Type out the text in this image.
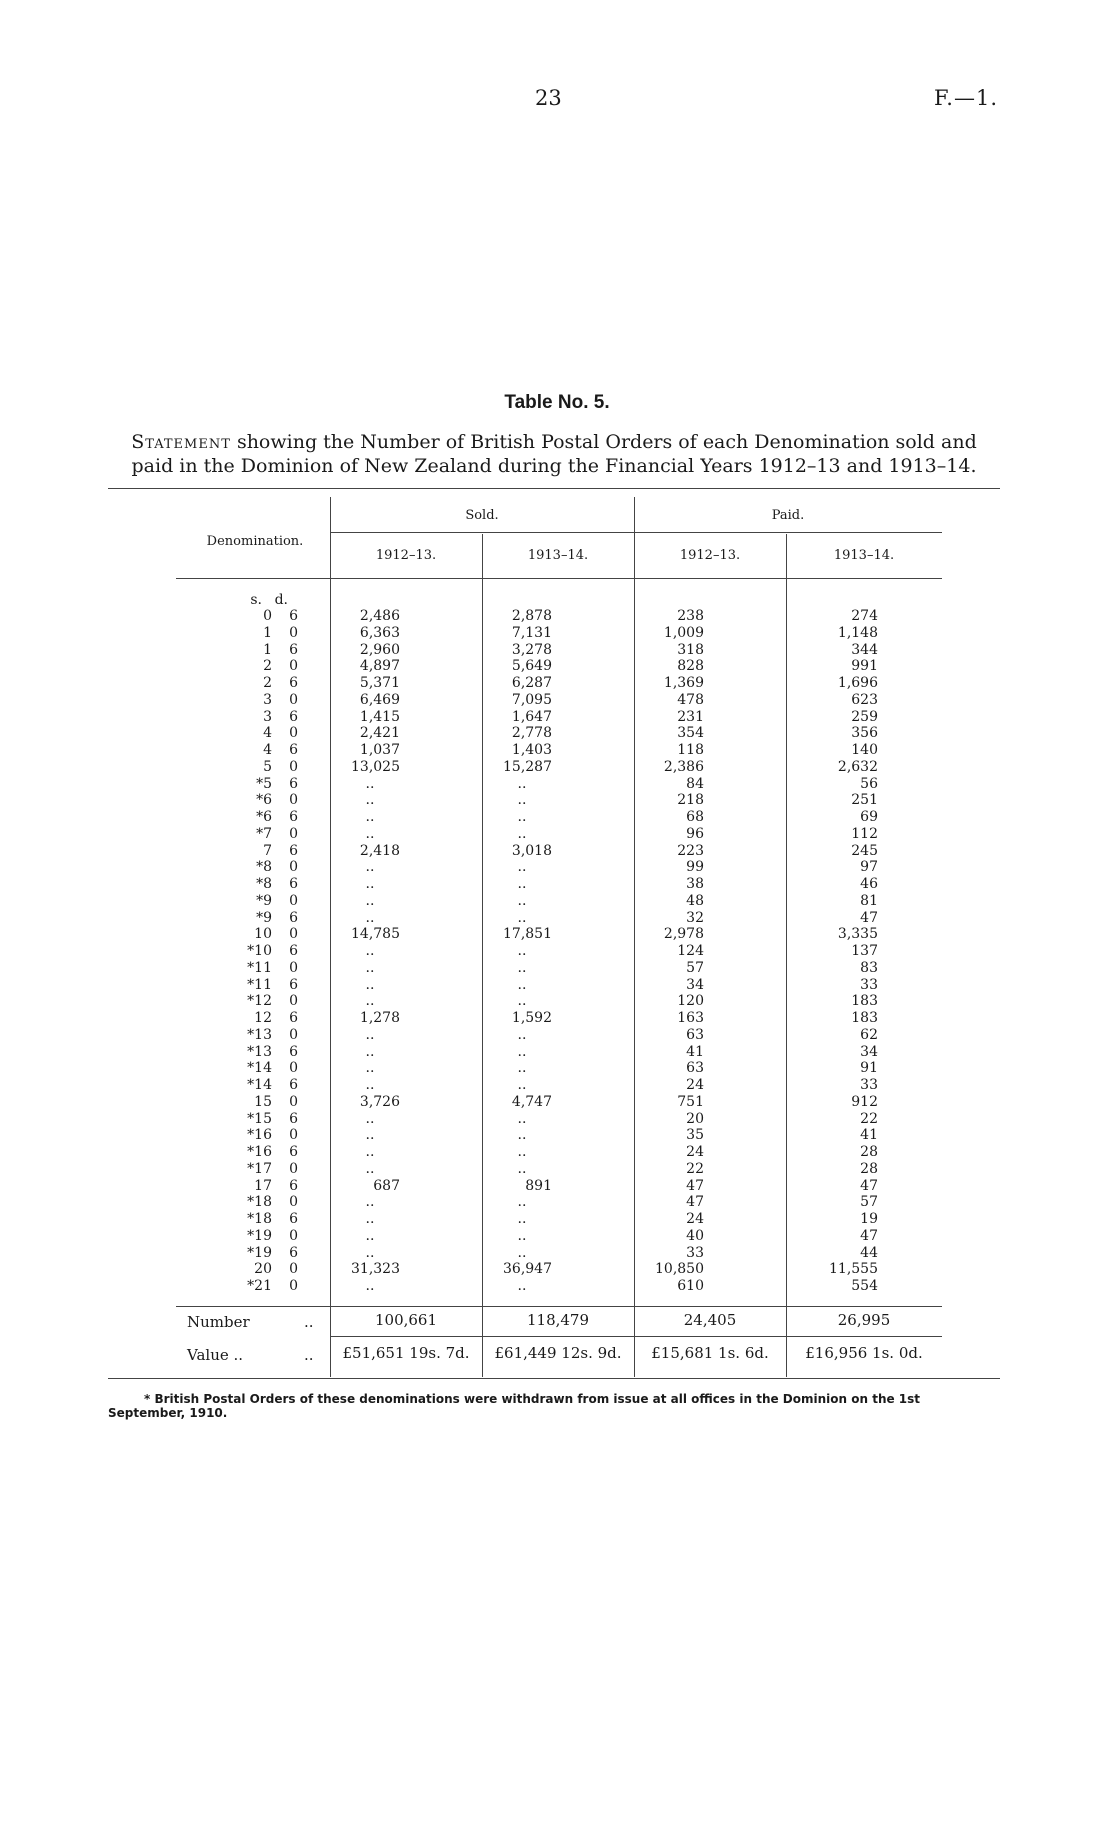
23	F.—1.
Table No. 5.
Statement showing the Number of British Postal Orders of each Denomination sold and paid in the Dominion of New Zealand during the Financial Years 1912–13 and 1913–14.
Denomination.
Sold.	Paid.
1912–13.	1913–14.	1912–13.	1913–14.
s. d.
0 6	2,486	2,878	238	274
1 0	6,363	7,131	1,009	1,148
1 6	2,960	3,278	318	344
2 0	4,897	5,649	828	991
2 6	5,371	6,287	1,369	1,696
3 0	6,469	7,095	478	623
3 6	1,415	1,647	231	259
4 0	2,421	2,778	354	356
4 6	1,037	1,403	118	140
5 0	13,025	15,287	2,386	2,632
*5 6	..	..	84	56
*6 0	..	..	218	251
*6 6	..	..	68	69
*7 0	..	..	96	112
7 6	2,418	3,018	223	245
*8 0	..	..	99	97
*8 6	..	..	38	46
*9 0	..	..	48	81
*9 6	..	..	32	47
10 0	14,785	17,851	2,978	3,335
*10 6	..	..	124	137
*11 0	..	..	57	83
*11 6	..	..	34	33
*12 0	..	..	120	183
12 6	1,278	1,592	163	183
*13 0	..	..	63	62
*13 6	..	..	41	34
*14 0	..	..	63	91
*14 6	..	..	24	33
15 0	3,726	4,747	751	912
*15 6	..	..	20	22
*16 0	..	..	35	41
*16 6	..	..	24	28
*17 0	..	..	22	28
17 6	687	891	47	47
*18 0	..	..	47	57
*18 6	..	..	24	19
*19 0	..	..	40	47
*19 6	..	..	33	44
20 0	31,323	36,947	10,850	11,555
*21 0	..	..	610	554
Number	..	100,661	118,479	24,405	26,995
Value ..	..	£51,651 19s. 7d.	£61,449 12s. 9d.	£15,681 1s. 6d.	£16,956 1s. 0d.
* British Postal Orders of these denominations were withdrawn from issue at all offices in the Dominion on the 1st September, 1910.
